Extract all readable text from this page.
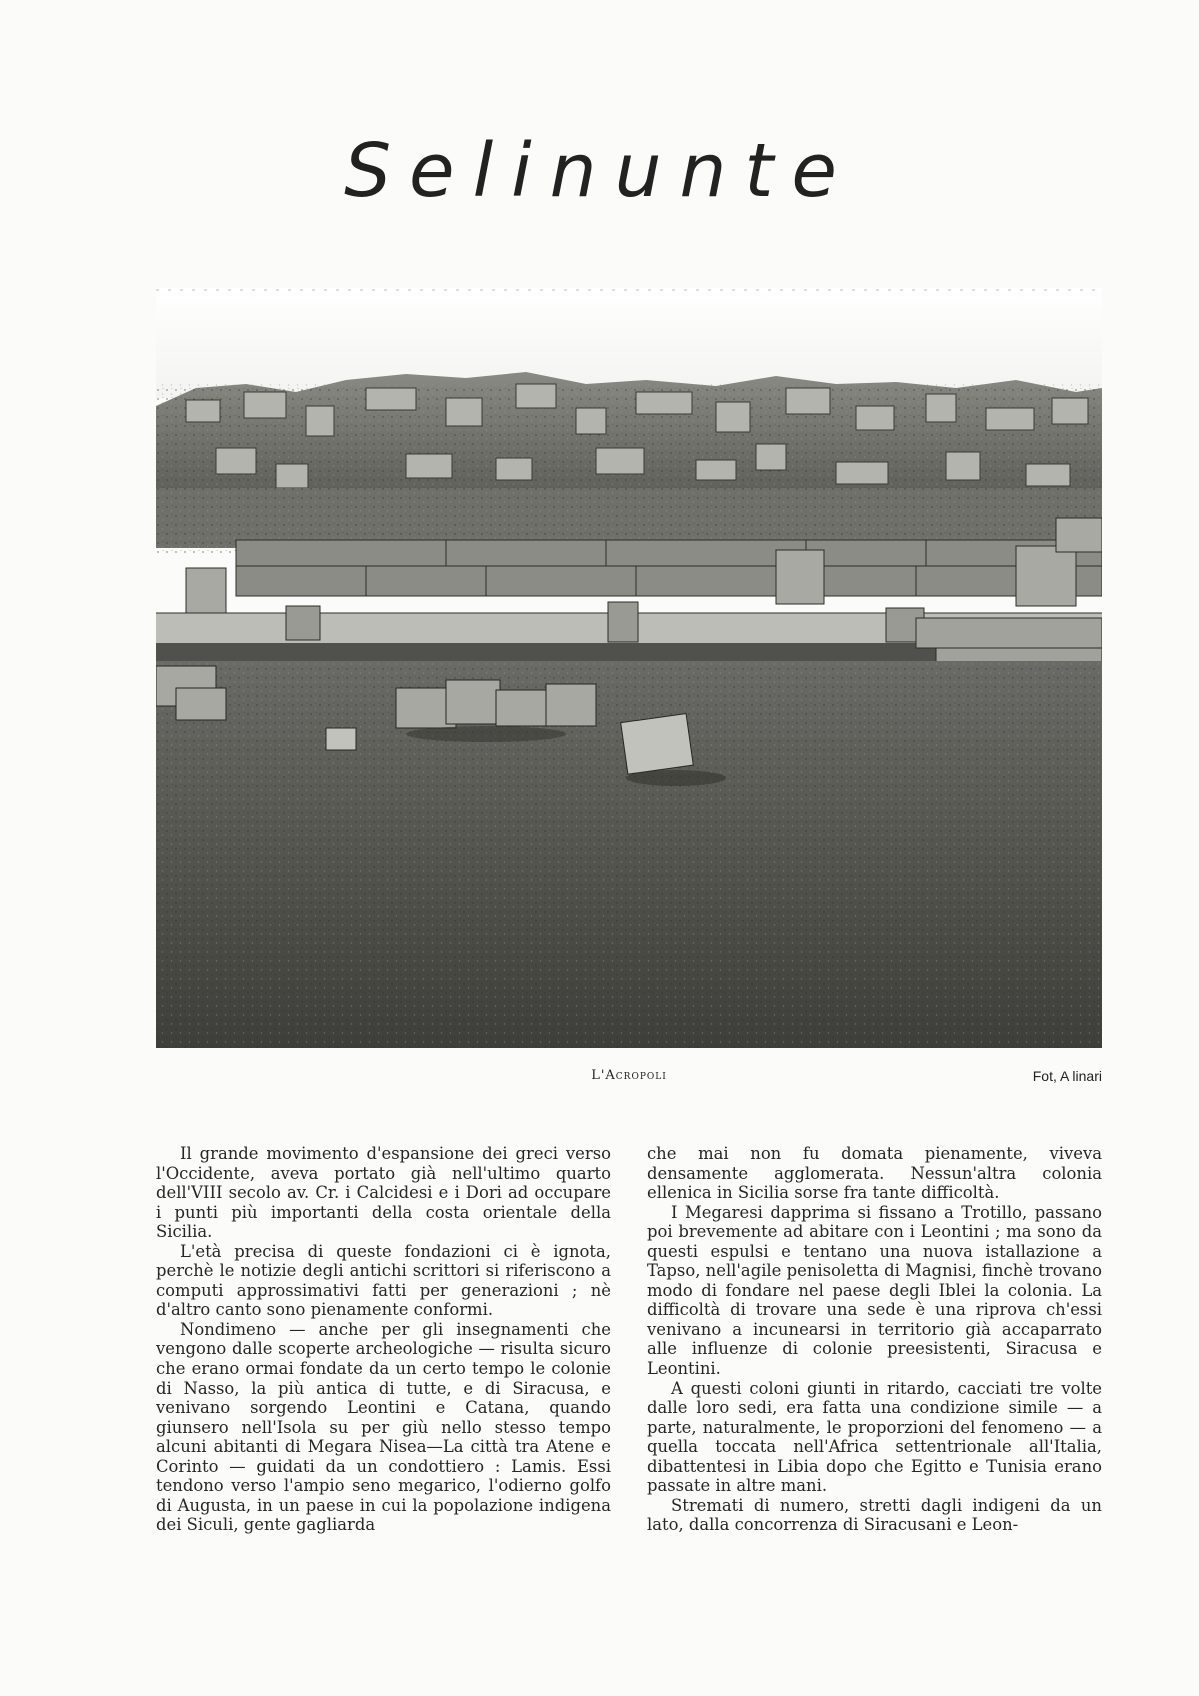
Selinunte
L'Acropoli	Fot, A linari

Il grande movimento d'espansione dei greci verso l'Occidente, aveva portato già nell'ultimo quarto dell'VIII secolo av. Cr. i Calcidesi e i Dori ad occupare i punti più importanti della costa orientale della Sicilia.

L'età precisa di queste fondazioni ci è ignota, perchè le notizie degli antichi scrittori si riferiscono a computi approssimativi fatti per generazioni ; nè d'altro canto sono pienamente conformi.

Nondimeno — anche per gli insegnamenti che vengono dalle scoperte archeologiche — risulta sicuro che erano ormai fondate da un certo tempo le colonie di Nasso, la più antica di tutte, e di Siracusa, e venivano sorgendo Leontini e Catana, quando giunsero nell'Isola su per giù nello stesso tempo alcuni abitanti di Megara Nisea—La città tra Atene e Corinto — guidati da un condottiero : Lamis. Essi tendono verso l'ampio seno megarico, l'odierno golfo di Augusta, in un paese in cui la popolazione indigena dei Siculi, gente gagliarda

che mai non fu domata pienamente, viveva densamente agglomerata. Nessun'altra colonia ellenica in Sicilia sorse fra tante difficoltà.

I Megaresi dapprima si fissano a Trotillo, passano poi brevemente ad abitare con i Leontini ; ma sono da questi espulsi e tentano una nuova istallazione a Tapso, nell'agile penisoletta di Magnisi, finchè trovano modo di fondare nel paese degli Iblei la colonia. La difficoltà di trovare una sede è una riprova ch'essi venivano a incunearsi in territorio già accaparrato alle influenze di colonie preesistenti, Siracusa e Leontini.

A questi coloni giunti in ritardo, cacciati tre volte dalle loro sedi, era fatta una condizione simile — a parte, naturalmente, le proporzioni del fenomeno — a quella toccata nell'Africa settentrionale all'Italia, dibattentesi in Libia dopo che Egitto e Tunisia erano passate in altre mani.

Stremati di numero, stretti dagli indigeni da un lato, dalla concorrenza di Siracusani e Leon-
